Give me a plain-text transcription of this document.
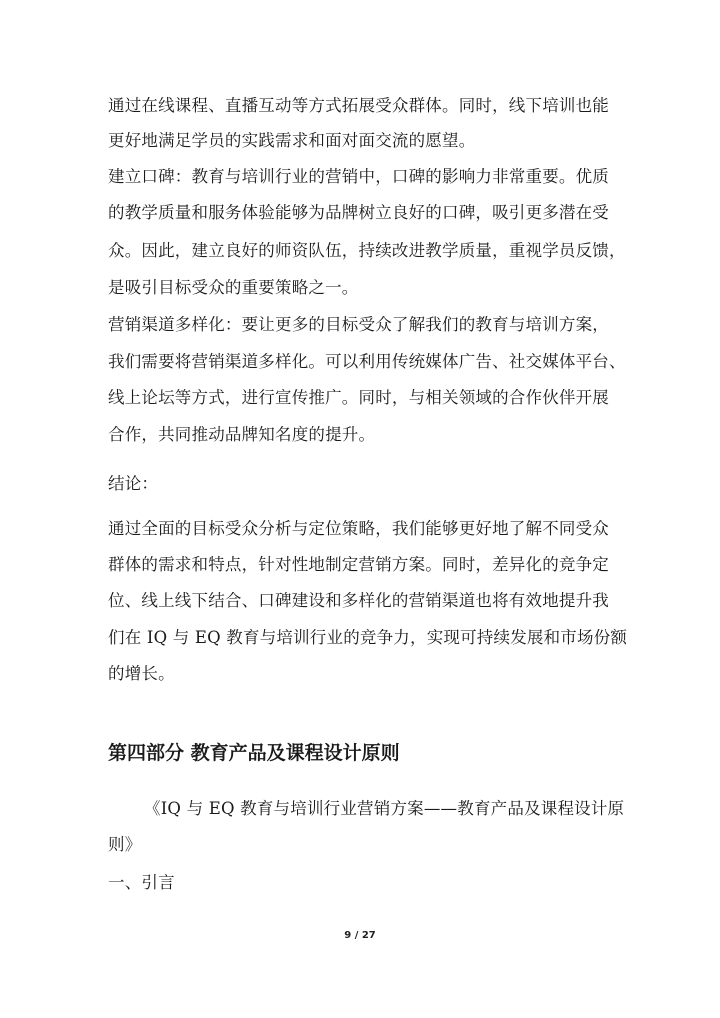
通过在线课程、直播互动等方式拓展受众群体。同时，线下培训也能
更好地满足学员的实践需求和面对面交流的愿望。
建立口碑：教育与培训行业的营销中，口碑的影响力非常重要。优质
的教学质量和服务体验能够为品牌树立良好的口碑，吸引更多潜在受
众。因此，建立良好的师资队伍，持续改进教学质量，重视学员反馈，
是吸引目标受众的重要策略之一。
营销渠道多样化：要让更多的目标受众了解我们的教育与培训方案，
我们需要将营销渠道多样化。可以利用传统媒体广告、社交媒体平台、
线上论坛等方式，进行宣传推广。同时，与相关领域的合作伙伴开展
合作，共同推动品牌知名度的提升。
结论：
通过全面的目标受众分析与定位策略，我们能够更好地了解不同受众
群体的需求和特点，针对性地制定营销方案。同时，差异化的竞争定
位、线上线下结合、口碑建设和多样化的营销渠道也将有效地提升我
们在 IQ 与 EQ 教育与培训行业的竞争力，实现可持续发展和市场份额
的增长。
第四部分 教育产品及课程设计原则
《IQ 与 EQ 教育与培训行业营销方案——教育产品及课程设计原
则》
一、引言
9 / 27
